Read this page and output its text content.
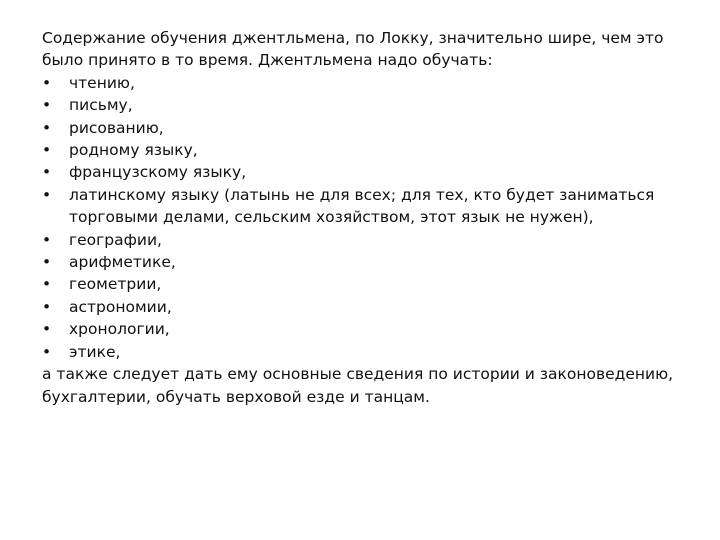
Содержание обучения джентльмена, по Локку, значительно шире, чем это было принято в то время. Джентльмена надо обучать:

• чтению,
• письму,
• рисованию,
• родному языку,
• французскому языку,
• латинскому языку (латынь не для всех; для тех, кто будет заниматься торговыми делами, сельским хозяйством, этот язык не нужен),
• географии,
• арифметике,
• геометрии,
• астрономии,
• хронологии,
• этике,

а также следует дать ему основные сведения по истории и законоведению, бухгалтерии, обучать верховой езде и танцам.
